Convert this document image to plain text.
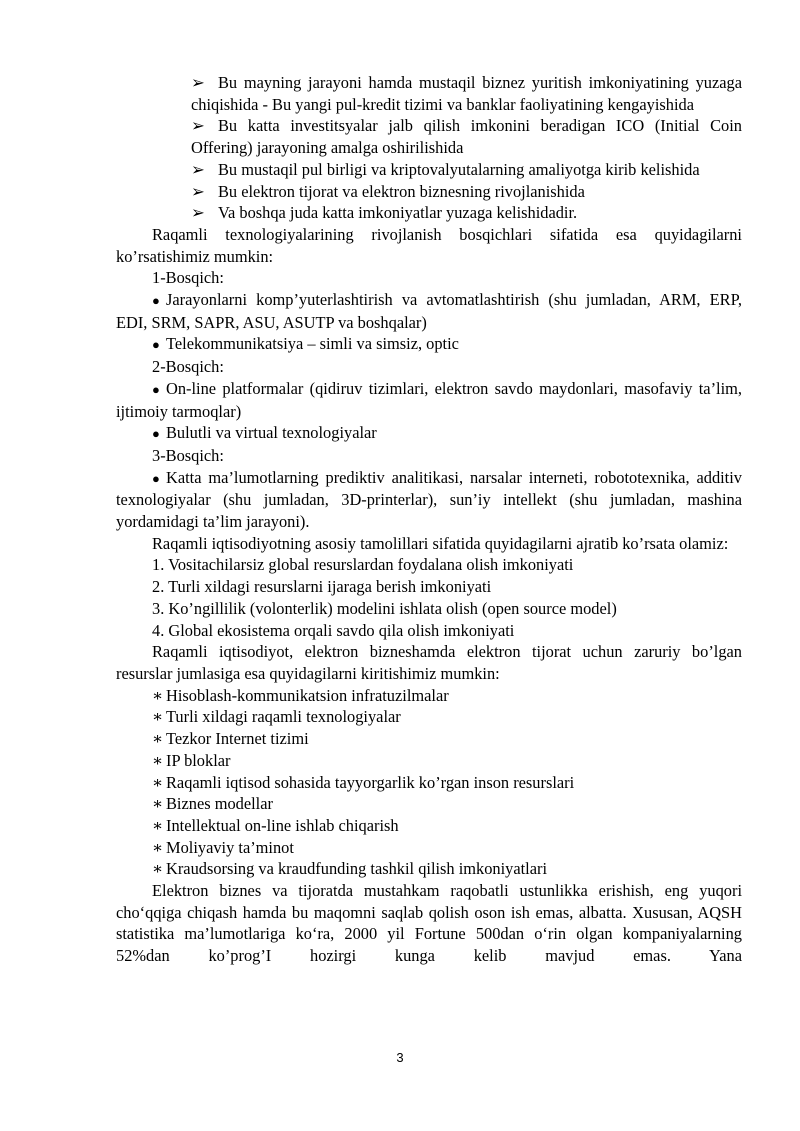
➢ Bu mayning jarayoni hamda mustaqil biznez yuritish imkoniyatining yuzaga chiqishida - Bu yangi pul-kredit tizimi va banklar faoliyatining kengayishida

➢ Bu katta investitsyalar jalb qilish imkonini beradigan ICO (Initial Coin Offering) jarayoning amalga oshirilishida

➢ Bu mustaqil pul birligi va kriptovalyutalarning amaliyotga kirib kelishida

➢ Bu elektron tijorat va elektron biznesning rivojlanishida

➢ Va boshqa juda katta imkoniyatlar yuzaga kelishidadir.

Raqamli texnologiyalarining rivojlanish bosqichlari sifatida esa quyidagilarni ko’rsatishimiz mumkin:

1-Bosqich:

● Jarayonlarni komp’yuterlashtirish va avtomatlashtirish (shu jumladan, ARM, ERP, EDI, SRM, SAPR, ASU, ASUTP va boshqalar)

● Telekommunikatsiya – simli va simsiz, optic

2-Bosqich:

● On-line platformalar (qidiruv tizimlari, elektron savdo maydonlari, masofaviy ta’lim, ijtimoiy tarmoqlar)

● Bulutli va virtual texnologiyalar

3-Bosqich:

● Katta ma’lumotlarning prediktiv analitikasi, narsalar interneti, robototexnika, additiv texnologiyalar (shu jumladan, 3D-printerlar), sun’iy intellekt (shu jumladan, mashina yordamidagi ta’lim jarayoni).

Raqamli iqtisodiyotning asosiy tamolillari sifatida quyidagilarni ajratib ko’rsata olamiz:

1. Vositachilarsiz global resurslardan foydalana olish imkoniyati

2. Turli xildagi resurslarni ijaraga berish imkoniyati

3. Ko’ngillilik (volonterlik) modelini ishlata olish (open source model)

4. Global ekosistema orqali savdo qila olish imkoniyati

Raqamli iqtisodiyot, elektron bizneshamda elektron tijorat uchun zaruriy bo’lgan resurslar jumlasiga esa quyidagilarni kiritishimiz mumkin:

∗ Hisoblash-kommunikatsion infratuzilmalar

∗ Turli xildagi raqamli texnologiyalar

∗ Tezkor Internet tizimi

∗ IP bloklar

∗ Raqamli iqtisod sohasida tayyorgarlik ko’rgan inson resurslari

∗ Biznes modellar

∗ Intellektual on-line ishlab chiqarish

∗ Moliyaviy ta’minot

∗ Kraudsorsing va kraudfunding tashkil qilish imkoniyatlari

Elektron biznes va tijoratda mustahkam raqobatli ustunlikka erishish, eng yuqori cho‘qqiga chiqash hamda bu maqomni saqlab qolish oson ish emas, albatta. Xususan, AQSH statistika ma’lumotlariga ko‘ra, 2000 yil Fortune 500dan o‘rin olgan kompaniyalarning 52%dan ko’prog’I hozirgi kunga kelib mavjud emas. Yana

3
